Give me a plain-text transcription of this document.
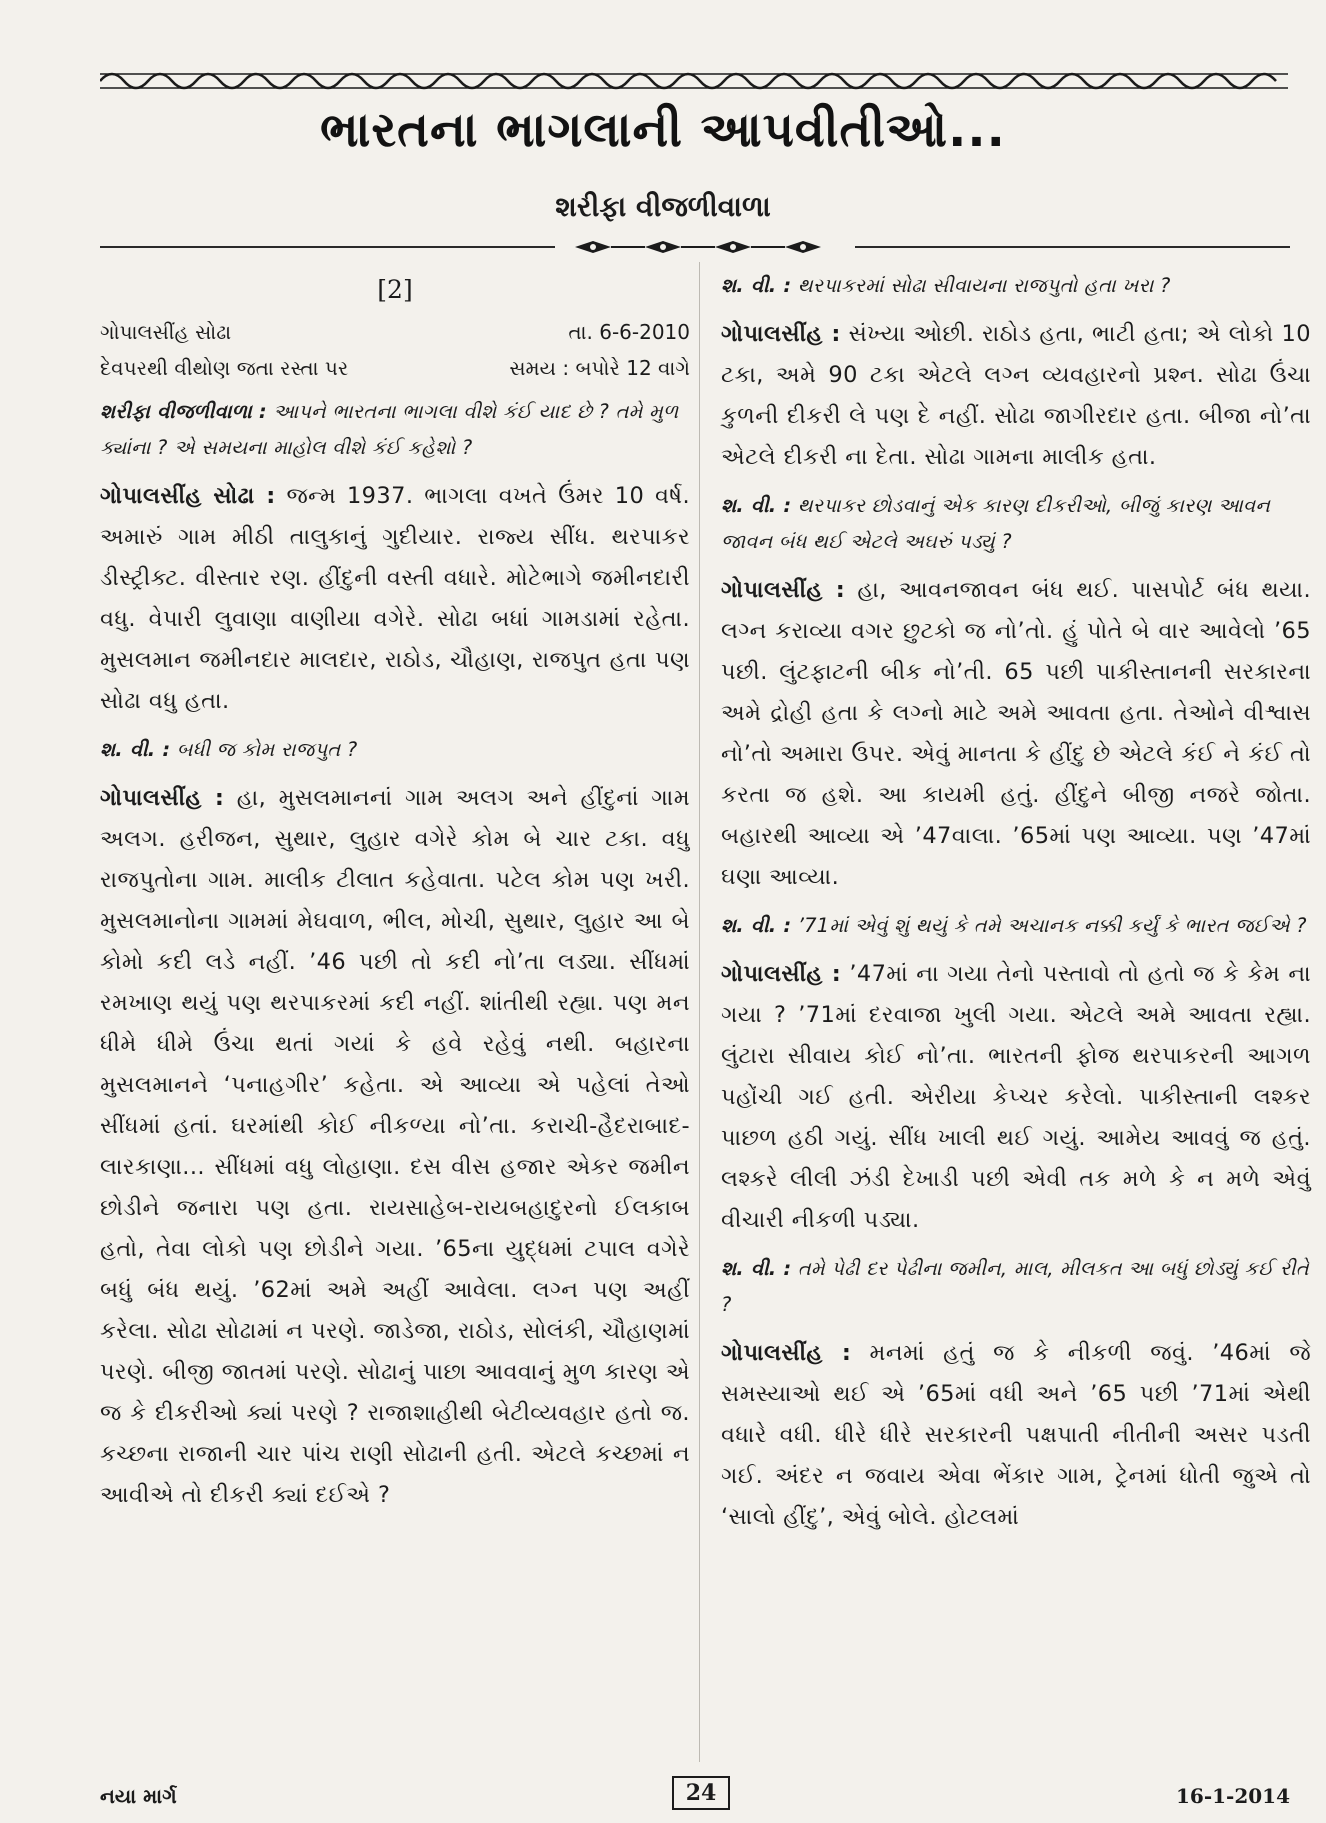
ભારતના ભાગલાની આપવીતીઓ...
શરીફા વીજળીવાળા
[2]
ગોપાલસીંહ સોઢા	તા. 6-6-2010
દેવપરથી વીથોણ જતા રસ્તા પર	સમય : બપોરે 12 વાગે

શરીફા વીજળીવાળા : આપને ભારતના ભાગલા વીશે કંઈ યાદ છે ? તમે મુળ ક્યાંના ? એ સમયના માહોલ વીશે કંઈ કહેશો ?

ગોપાલસીંહ સોઢા : જન્મ 1937. ભાગલા વખતે ઉંમર 10 વર્ષ. અમારું ગામ મીઠી તાલુકાનું ગુદીયાર. રાજ્ય સીંધ. થરપાકર ડીસ્ટ્રીક્ટ. વીસ્તાર રણ. હીંદુની વસ્તી વધારે. મોટેભાગે જમીનદારી વધુ. વેપારી લુવાણા વાણીયા વગેરે. સોઢા બધાં ગામડામાં રહેતા. મુસલમાન જમીનદાર માલદાર, રાઠોડ, ચૌહાણ, રાજપુત હતા પણ સોઢા વધુ હતા.

શ. વી. : બધી જ કોમ રાજપુત ?

ગોપાલસીંહ : હા, મુસલમાનનાં ગામ અલગ અને હીંદુનાં ગામ અલગ. હરીજન, સુથાર, લુહાર વગેરે કોમ બે ચાર ટકા. વધુ રાજપુતોના ગામ. માલીક ટીલાત કહેવાતા. પટેલ કોમ પણ ખરી. મુસલમાનોના ગામમાં મેઘવાળ, ભીલ, મોચી, સુથાર, લુહાર આ બે કોમો કદી લડે નહીં. ’46 પછી તો કદી નો’તા લડ્યા. સીંધમાં રમખાણ થયું પણ થરપાકરમાં કદી નહીં. શાંતીથી રહ્યા. પણ મન ધીમે ધીમે ઉંચા થતાં ગયાં કે હવે રહેવું નથી. બહારના મુસલમાનને ‘પનાહગીર’ કહેતા. એ આવ્યા એ પહેલાં તેઓ સીંધમાં હતાં. ઘરમાંથી કોઈ નીકળ્યા નો’તા. કરાચી-હૈદરાબાદ-લારકાણા... સીંધમાં વધુ લોહાણા. દસ વીસ હજાર એકર જમીન છોડીને જનારા પણ હતા. રાયસાહેબ-રાયબહાદુરનો ઈલકાબ હતો, તેવા લોકો પણ છોડીને ગયા. ’65ના યુદ્ધમાં ટપાલ વગેરે બધું બંધ થયું. ’62માં અમે અહીં આવેલા. લગ્ન પણ અહીં કરેલા. સોઢા સોઢામાં ન પરણે. જાડેજા, રાઠોડ, સોલંકી, ચૌહાણમાં પરણે. બીજી જાતમાં પરણે. સોઢાનું પાછા આવવાનું મુળ કારણ એ જ કે દીકરીઓ ક્યાં પરણે ? રાજાશાહીથી બેટીવ્યવહાર હતો જ. કચ્છના રાજાની ચાર પાંચ રાણી સોઢાની હતી. એટલે કચ્છમાં ન આવીએ તો દીકરી ક્યાં દઈએ ?

શ. વી. : થરપાકરમાં સોઢા સીવાયના રાજપુતો હતા ખરા ?

ગોપાલસીંહ : સંખ્યા ઓછી. રાઠોડ હતા, ભાટી હતા; એ લોકો 10 ટકા, અમે 90 ટકા એટલે લગ્ન વ્યવહારનો પ્રશ્ન. સોઢા ઉંચા કુળની દીકરી લે પણ દે નહીં. સોઢા જાગીરદાર હતા. બીજા નો’તા એટલે દીકરી ના દેતા. સોઢા ગામના માલીક હતા.

શ. વી. : થરપાકર છોડવાનું એક કારણ દીકરીઓ, બીજું કારણ આવન જાવન બંધ થઈ એટલે અઘરું પડ્યું ?

ગોપાલસીંહ : હા, આવનજાવન બંધ થઈ. પાસપોર્ટ બંધ થયા. લગ્ન કરાવ્યા વગર છુટકો જ નો’તો. હું પોતે બે વાર આવેલો ’65 પછી. લુંટફાટની બીક નો’તી. 65 પછી પાકીસ્તાનની સરકારના અમે દ્રોહી હતા કે લગ્નો માટે અમે આવતા હતા. તેઓને વીશ્વાસ નો’તો અમારા ઉપર. એવું માનતા કે હીંદુ છે એટલે કંઈ ને કંઈ તો કરતા જ હશે. આ કાયમી હતું. હીંદુને બીજી નજરે જોતા. બહારથી આવ્યા એ ’47વાલા. ’65માં પણ આવ્યા. પણ ’47માં ઘણા આવ્યા.

શ. વી. : ’71માં એવું શું થયું કે તમે અચાનક નક્કી કર્યું કે ભારત જઈએ ?

ગોપાલસીંહ : ’47માં ના ગયા તેનો પસ્તાવો તો હતો જ કે કેમ ના ગયા ? ’71માં દરવાજા ખુલી ગયા. એટલે અમે આવતા રહ્યા. લુંટારા સીવાય કોઈ નો’તા. ભારતની ફોજ થરપાકરની આગળ પહોંચી ગઈ હતી. એરીયા કેપ્ચર કરેલો. પાકીસ્તાની લશ્કર પાછળ હઠી ગયું. સીંધ ખાલી થઈ ગયું. આમેય આવવું જ હતું. લશ્કરે લીલી ઝંડી દેખાડી પછી એવી તક મળે કે ન મળે એવું વીચારી નીકળી પડ્યા.

શ. વી. : તમે પેઢી દર પેઢીના જમીન, માલ, મીલકત આ બધું છોડ્યું કઈ રીતે ?

ગોપાલસીંહ : મનમાં હતું જ કે નીકળી જવું. ’46માં જે સમસ્યાઓ થઈ એ ’65માં વધી અને ’65 પછી ’71માં એથી વધારે વધી. ધીરે ધીરે સરકારની પક્ષપાતી નીતીની અસર પડતી ગઈ. અંદર ન જવાય એવા ભેંકાર ગામ, ટ્રેનમાં ધોતી જુએ તો ‘સાલો હીંદુ’, એવું બોલે. હોટલમાં

નયા માર્ગ	24	16-1-2014
